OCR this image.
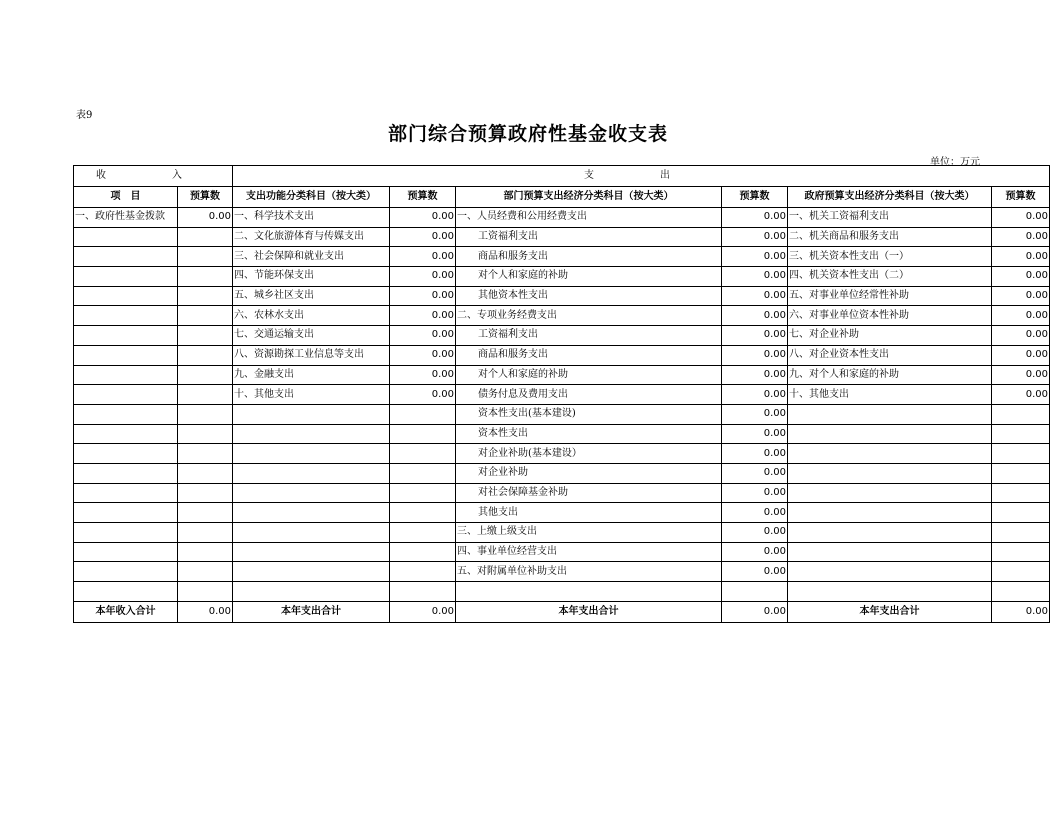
表9
部门综合预算政府性基金收支表
单位：万元
收　入		支　出					
项　目	预算数	支出功能分类科目（按大类）	预算数	部门预算支出经济分类科目（按大类）	预算数	政府预算支出经济分类科目（按大类）	预算数
一、政府性基金拨款	0.00	一、科学技术支出	0.00	一、人员经费和公用经费支出	0.00	一、机关工资福利支出	0.00
		二、文化旅游体育与传媒支出	0.00	工资福利支出	0.00	二、机关商品和服务支出	0.00
		三、社会保障和就业支出	0.00	商品和服务支出	0.00	三、机关资本性支出（一）	0.00
		四、节能环保支出	0.00	对个人和家庭的补助	0.00	四、机关资本性支出（二）	0.00
		五、城乡社区支出	0.00	其他资本性支出	0.00	五、对事业单位经常性补助	0.00
		六、农林水支出	0.00	二、专项业务经费支出	0.00	六、对事业单位资本性补助	0.00
		七、交通运输支出	0.00	工资福利支出	0.00	七、对企业补助	0.00
		八、资源勘探工业信息等支出	0.00	商品和服务支出	0.00	八、对企业资本性支出	0.00
		九、金融支出	0.00	对个人和家庭的补助	0.00	九、对个人和家庭的补助	0.00
		十、其他支出	0.00	债务付息及费用支出	0.00	十、其他支出	0.00
				资本性支出(基本建设)	0.00		
				资本性支出	0.00		
				对企业补助(基本建设）	0.00		
				对企业补助	0.00		
				对社会保障基金补助	0.00		
				其他支出	0.00		
				三、上缴上级支出	0.00		
				四、事业单位经营支出	0.00		
				五、对附属单位补助支出	0.00		

本年收入合计	0.00	本年支出合计	0.00	本年支出合计	0.00	本年支出合计	0.00
